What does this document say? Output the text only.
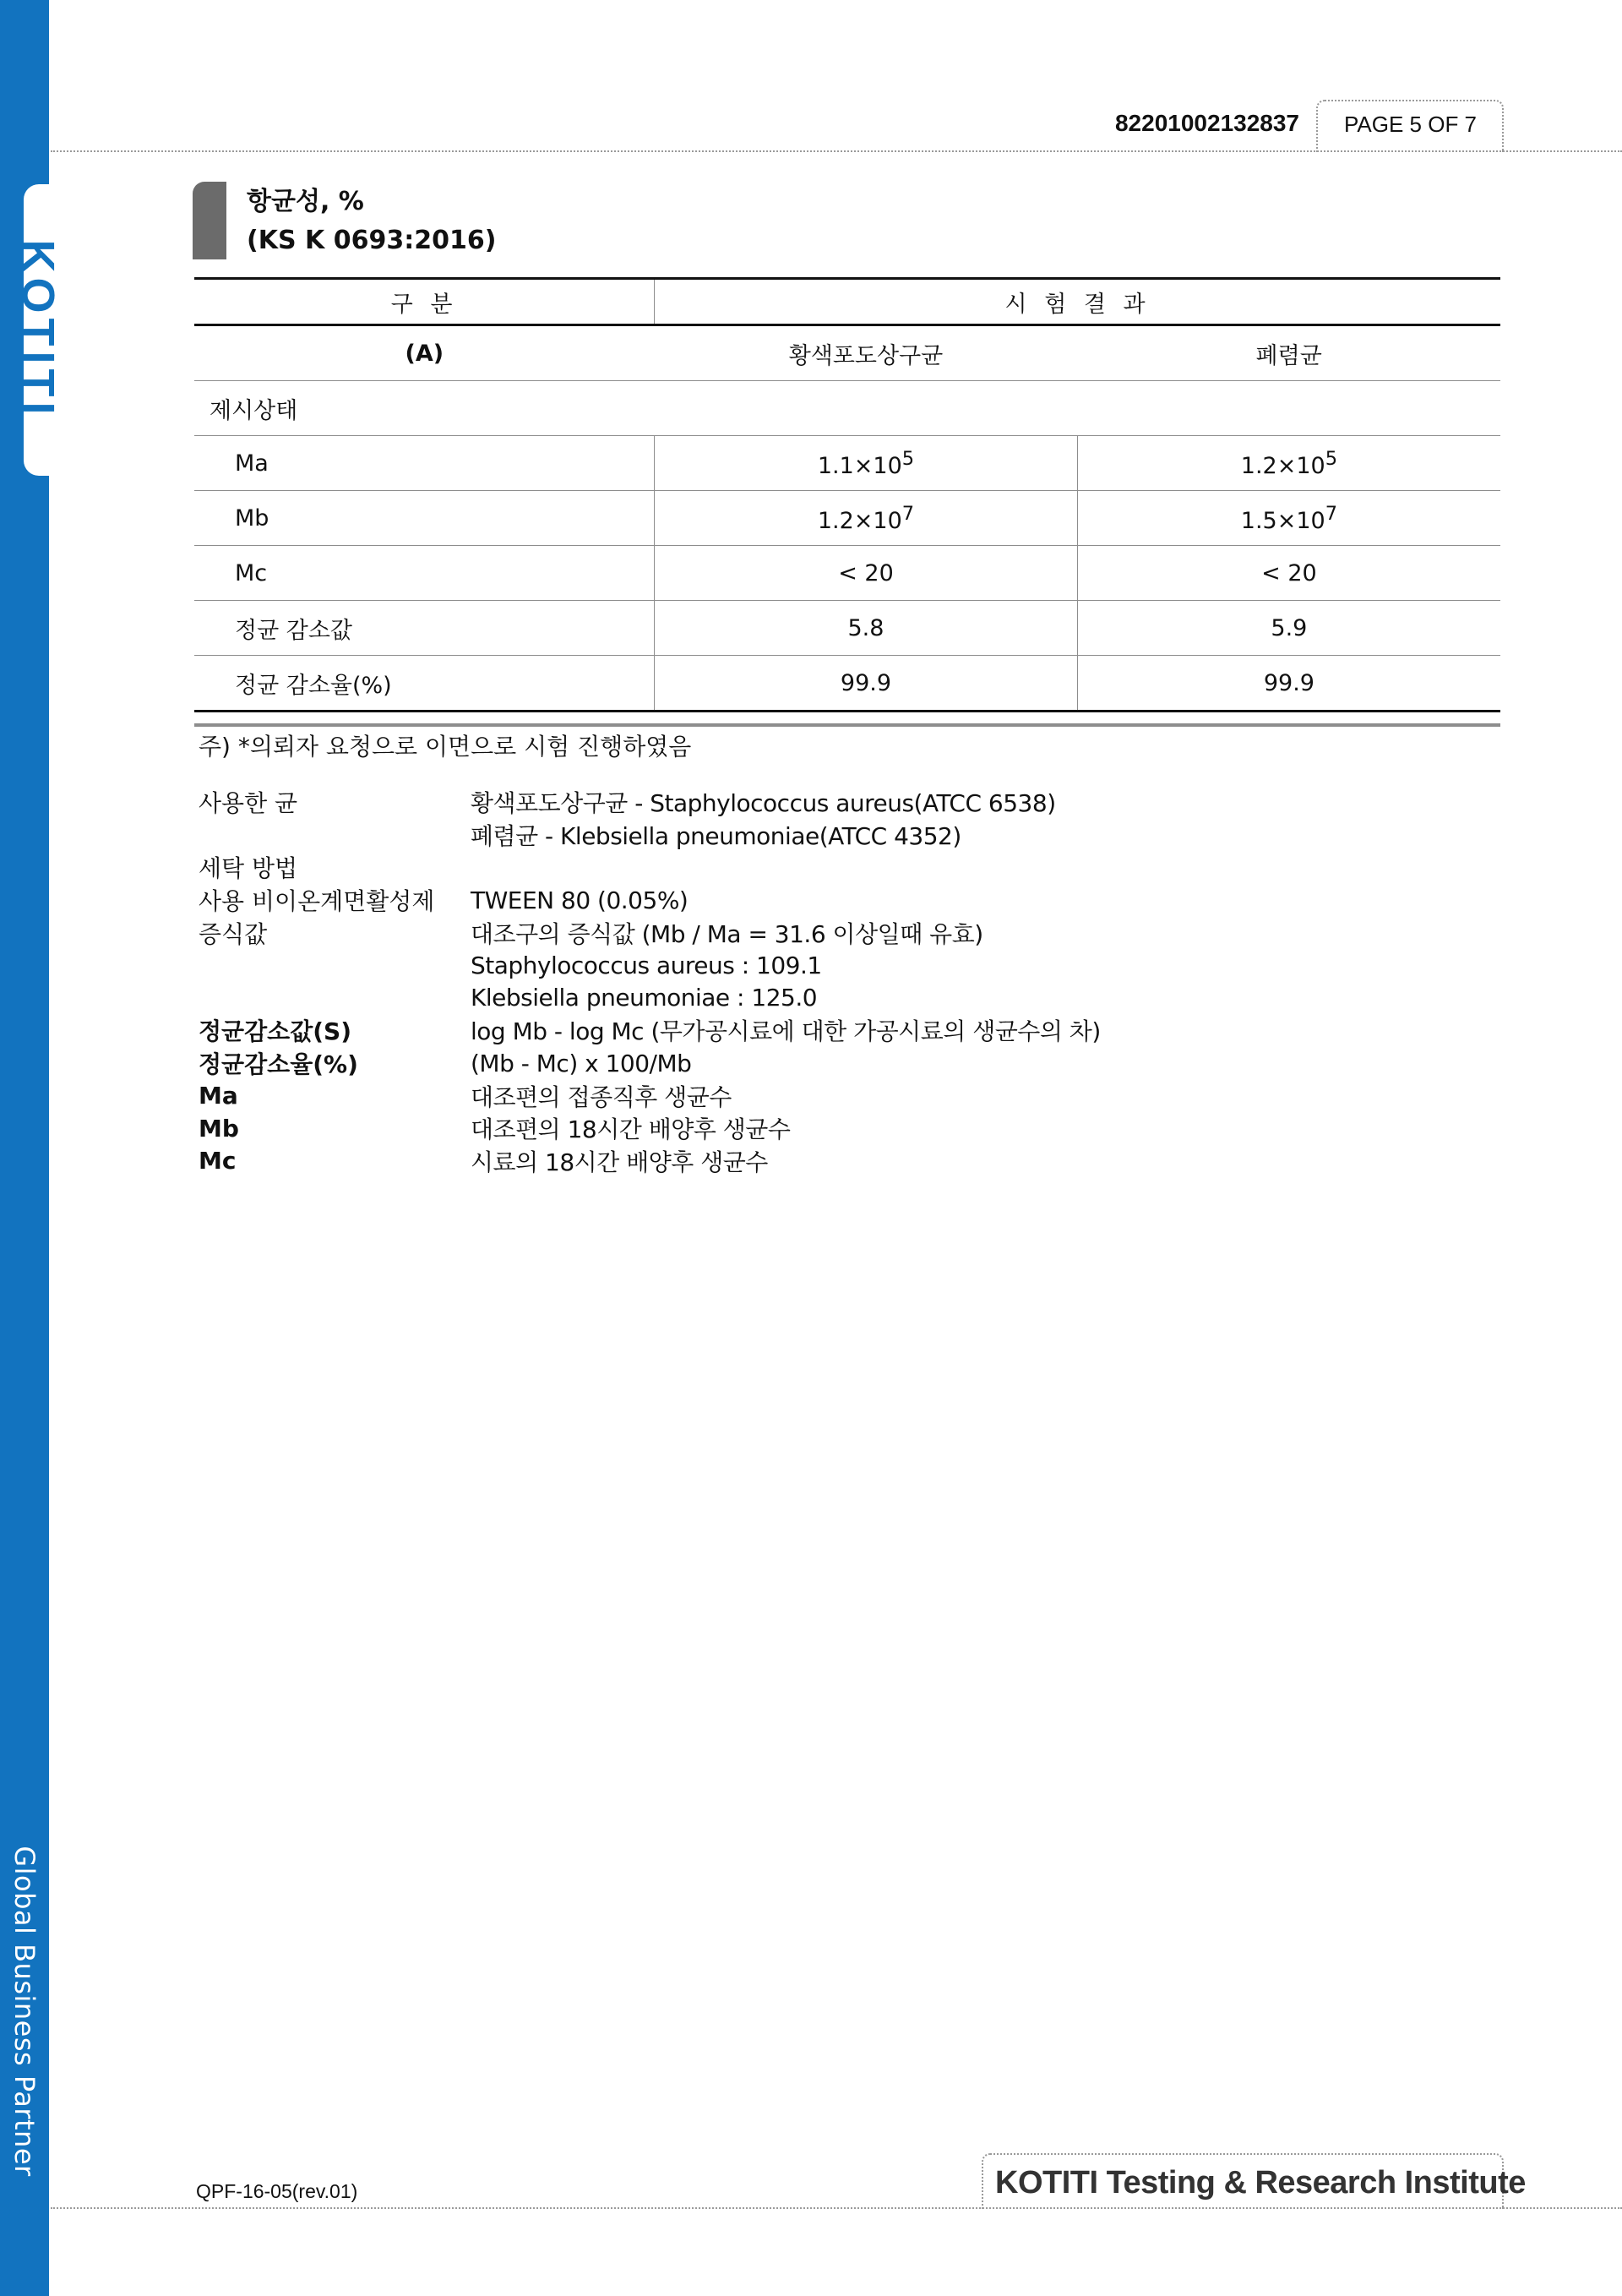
KOTITI
Global Business Partner
82201002132837 PAGE 5 OF 7
항균성, %
(KS K 0693:2016)
구 분	시 험 결 과	
(A)	황색포도상구균	폐렴균
제시상태		
Ma	$1.1\times 10^5$	$1.2\times 10^5$
Mb	$1.2\times 10^7$	$1.5\times 10^7$
Mc	< 20	< 20
정균 감소값	5.8	5.9
정균 감소율(%)	99.9	99.9
주) *의뢰자 요청으로 이면으로 시험 진행하였음
사용한 균	황색포도상구균 - Staphylococcus aureus(ATCC 6538)
폐렴균 - Klebsiella pneumoniae(ATCC 4352)
세탁 방법
사용 비이온계면활성제	TWEEN 80 (0.05%)
증식값	대조구의 증식값 (Mb / Ma = 31.6 이상일때 유효)
Staphylococcus aureus : 109.1
Klebsiella pneumoniae : 125.0
정균감소값(S)	log Mb - log Mc (무가공시료에 대한 가공시료의 생균수의 차)
정균감소율(%)	(Mb - Mc) x 100/Mb
Ma	대조편의 접종직후 생균수
Mb	대조편의 18시간 배양후 생균수
Mc	시료의 18시간 배양후 생균수
KOTITI Testing & Research Institute
QPF-16-05(rev.01)
